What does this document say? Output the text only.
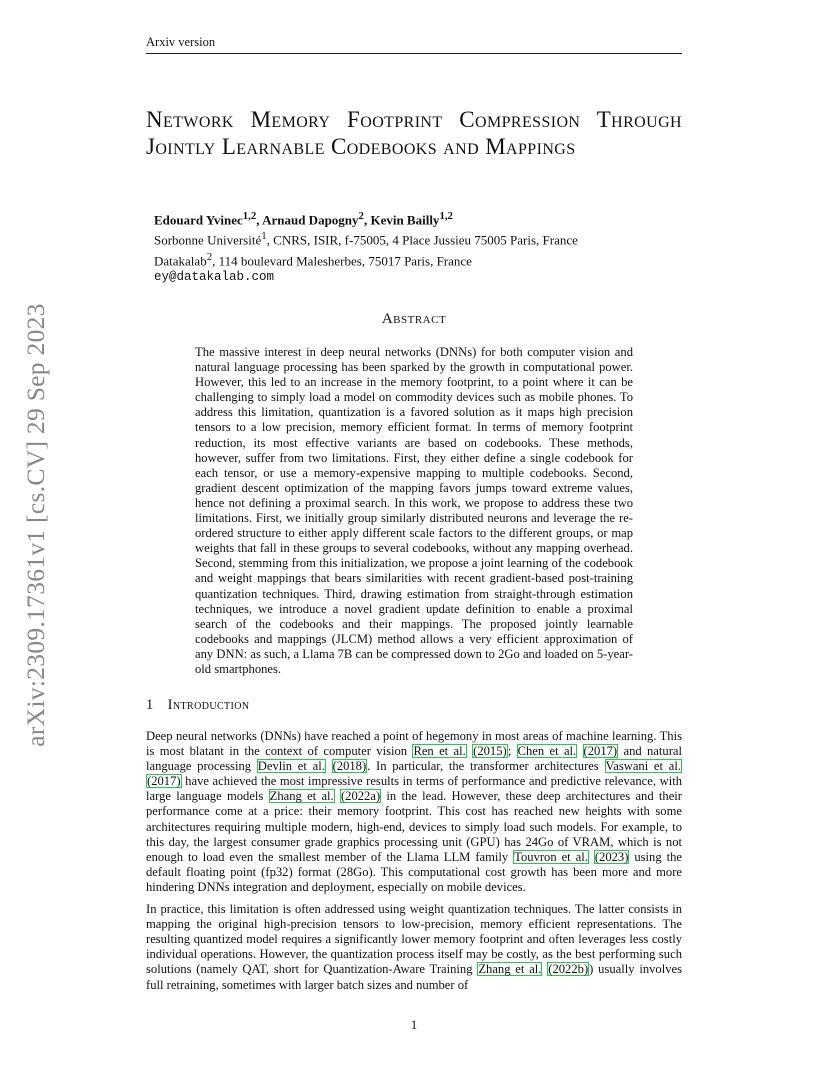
Arxiv version
arXiv:2309.17361v1 [cs.CV] 29 Sep 2023
Network Memory Footprint Compression Through Jointly Learnable Codebooks and Mappings
Edouard Yvinec$^{1,2}$, Arnaud Dapogny$^2$, Kevin Bailly$^{1,2}$
Sorbonne Université$^1$, CNRS, ISIR, f-75005, 4 Place Jussieu 75005 Paris, France
Datakalab$^2$, 114 boulevard Malesherbes, 75017 Paris, France
ey@datakalab.com
Abstract
The massive interest in deep neural networks (DNNs) for both computer vision and natural language processing has been sparked by the growth in computational power. However, this led to an increase in the memory footprint, to a point where it can be challenging to simply load a model on commodity devices such as mobile phones. To address this limitation, quantization is a favored solution as it maps high precision tensors to a low precision, memory efficient format. In terms of memory footprint reduction, its most effective variants are based on codebooks. These methods, however, suffer from two limitations. First, they either define a single codebook for each tensor, or use a memory-expensive mapping to multiple codebooks. Second, gradient descent optimization of the mapping favors jumps toward extreme values, hence not defining a proximal search. In this work, we propose to address these two limitations. First, we initially group similarly distributed neurons and leverage the re-ordered structure to either apply different scale factors to the different groups, or map weights that fall in these groups to several codebooks, without any mapping overhead. Second, stemming from this initialization, we propose a joint learning of the codebook and weight mappings that bears similarities with recent gradient-based post-training quantization techniques. Third, drawing estimation from straight-through estimation techniques, we introduce a novel gradient update definition to enable a proximal search of the codebooks and their mappings. The proposed jointly learnable codebooks and mappings (JLCM) method allows a very efficient approximation of any DNN: as such, a Llama 7B can be compressed down to 2Go and loaded on 5-year-old smartphones.
1 Introduction

Deep neural networks (DNNs) have reached a point of hegemony in most areas of machine learning. This is most blatant in the context of computer vision Ren et al. (2015); Chen et al. (2017) and natural language processing Devlin et al. (2018). In particular, the transformer architectures Vaswani et al. (2017) have achieved the most impressive results in terms of performance and predictive relevance, with large language models Zhang et al. (2022a) in the lead. However, these deep architectures and their performance come at a price: their memory footprint. This cost has reached new heights with some architectures requiring multiple modern, high-end, devices to simply load such models. For example, to this day, the largest consumer grade graphics processing unit (GPU) has 24Go of VRAM, which is not enough to load even the smallest member of the Llama LLM family Touvron et al. (2023) using the default floating point (fp32) format (28Go). This computational cost growth has been more and more hindering DNNs integration and deployment, especially on mobile devices.

In practice, this limitation is often addressed using weight quantization techniques. The latter consists in mapping the original high-precision tensors to low-precision, memory efficient representations. The resulting quantized model requires a significantly lower memory footprint and often leverages less costly individual operations. However, the quantization process itself may be costly, as the best performing such solutions (namely QAT, short for Quantization-Aware Training Zhang et al. (2022b)) usually involves full retraining, sometimes with larger batch sizes and number of

1
